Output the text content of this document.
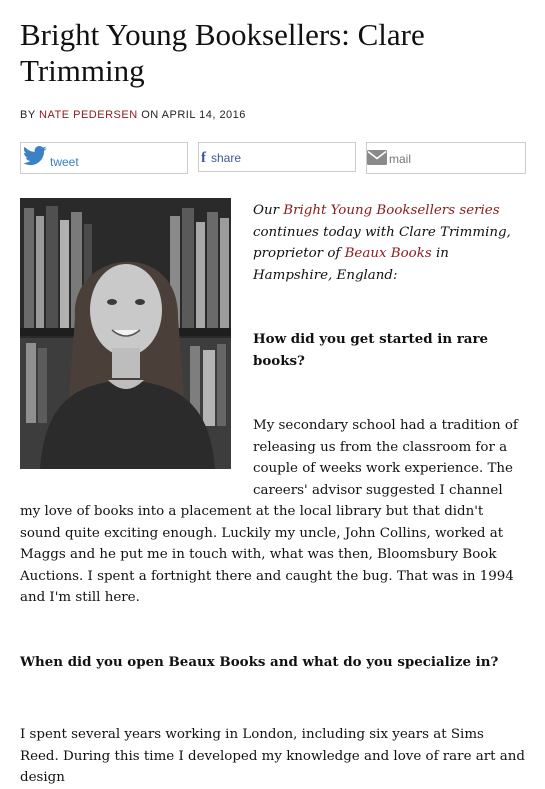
Bright Young Booksellers: Clare Trimming
BY NATE PEDERSEN ON APRIL 14, 2016
tweet	f share	mail

Our Bright Young Booksellers series continues today with Clare Trimming, proprietor of Beaux Books in Hampshire, England:

How did you get started in rare books?

My secondary school had a tradition of releasing us from the classroom for a couple of weeks work experience. The careers' advisor suggested I channel my love of books into a placement at the local library but that didn't sound quite exciting enough. Luckily my uncle, John Collins, worked at Maggs and he put me in touch with, what was then, Bloomsbury Book Auctions. I spent a fortnight there and caught the bug. That was in 1994 and I'm still here.

When did you open Beaux Books and what do you specialize in?

I spent several years working in London, including six years at Sims Reed. During this time I developed my knowledge and love of rare art and design
